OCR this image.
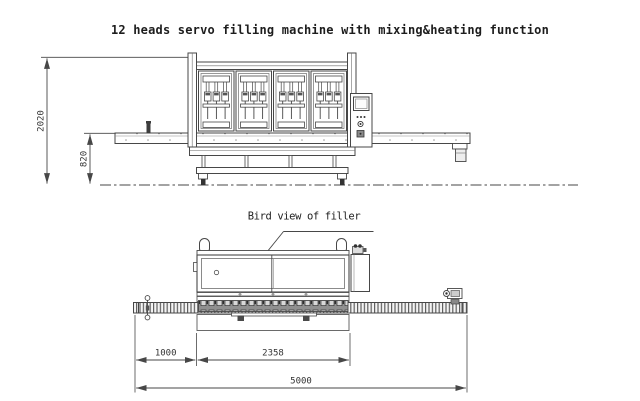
12 heads servo filling machine with mixing&heating function
2020
820
Bird view of filler
1000	2358
5000
